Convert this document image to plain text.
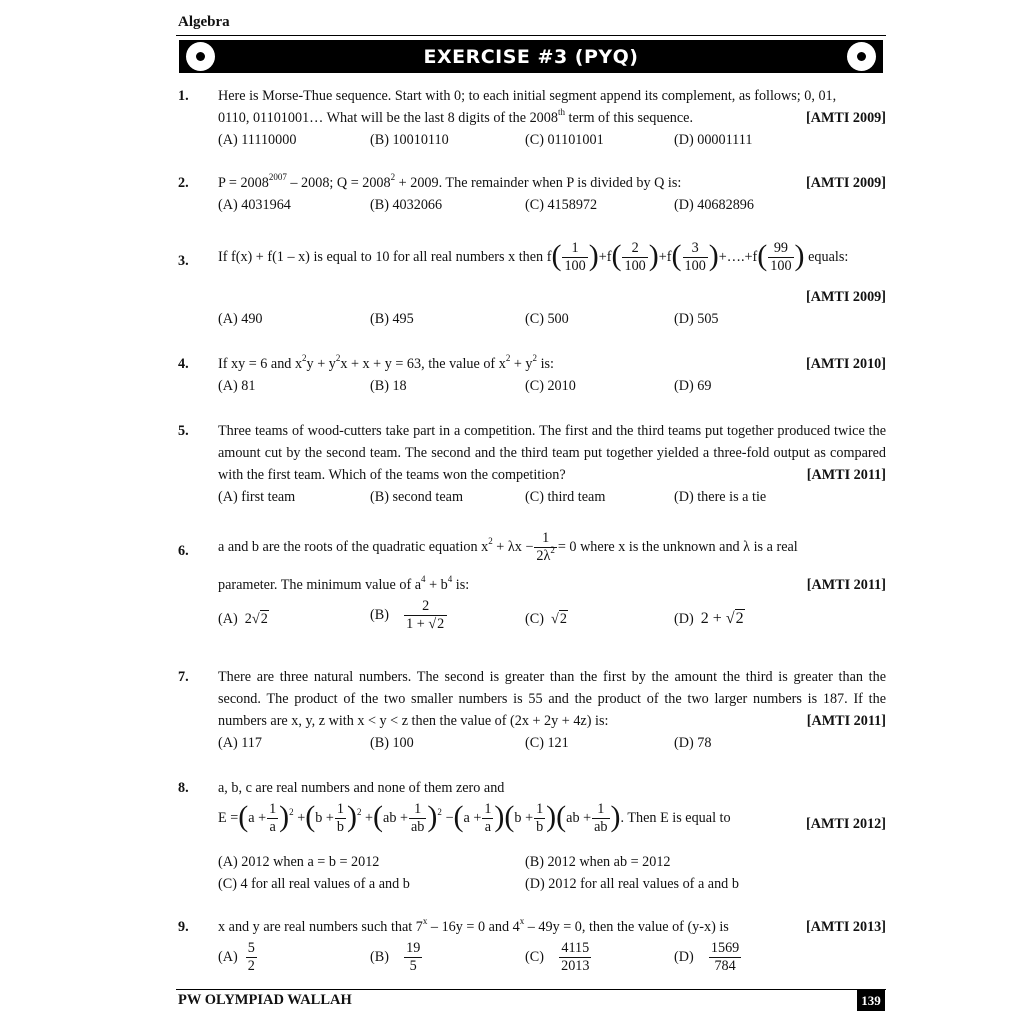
Algebra
EXERCISE #3 (PYQ)
1. Here is Morse-Thue sequence. Start with 0; to each initial segment append its complement, as follows; 0, 01,
0110, 01101001… What will be the last 8 digits of the 2008th term of this sequence.	[AMTI 2009]
(A) 11110000	(B) 10010110	(C) 01101001	(D) 00001111
2. $P = 2008^{2007} - 2008$; $Q = 2008^2 + 2009$. The remainder when P is divided by Q is:	[AMTI 2009]
(A) 4031964	(B) 4032066	(C) 4158972	(D) 40682896
3. If f(x) + f(1 – x) is equal to 10 for all real numbers x then $f( \frac{1}{100} )+f( \frac{2}{100} )+f( \frac{3}{100}$ )+….+f( $\frac{99}{100}$ ) equals:
[AMTI 2009]
(A) 490	(B) 495	(C) 500	(D) 505
4. If xy = 6 and $x^2y + y^2x + x + y = 63$, the value of $x^2 + y^2$ is:	[AMTI 2010]
(A) 81	(B) 18	(C) 2010	(D) 69
5. Three teams of wood-cutters take part in a competition. The first and the third teams put together produced twice the amount cut by the second team. The second and the third team put together yielded a three-fold output as compared with the first team. Which of the teams won the competition?	[AMTI 2011]
(A) first team	(B) second team	(C) third team	(D) there is a tie
6. a and b are the roots of the quadratic equation $x^2 + \lambda x - \frac{1}{2\lambda^2} = 0$ where x is the unknown and λ is a real
parameter. The minimum value of $a^4 + b^4$ is:	[AMTI 2011]
(A) 2√2	$(B) \frac{2}{1 + √2}$	(C) √2	(D) 2 + √2
7. There are three natural numbers. The second is greater than the first by the amount the third is greater than the second. The product of the two smaller numbers is 55 and the product of the two larger numbers is 187. If the numbers are x, y, z with x < y < z then the value of (2x + 2y + 4z) is:	[AMTI 2011]
(A) 117	(B) 100	(C) 121	(D) 78
8. a, b, c are real numbers and none of them zero and
$E =(a + \frac{1}{a} )^2 +(b + \frac{1}{b} )^2 +(ab + \frac{1}{ab} )^2 -(a + \frac{1}{a} )(b + \frac{1}{b} )(ab + \frac{1}{ab}$ ). Then E is equal to	[AMTI 2012]
(A) 2012 when a = b = 2012	(B) 2012 when ab = 2012
(C) 4 for all real values of a and b	(D) 2012 for all real values of a and b
9. x and y are real numbers such that 7$^x$ – 16y = 0 and 4$^x$ – 49y = 0, then the value of (y-x) is	[AMTI 2013]
$(A) \frac{5}{2}$	$(B) \frac{19}{5}$	$(C) \frac{4115}{2013}$	$(D) \frac{1569}{784}$
PW OLYMPIAD WALLAH	139
